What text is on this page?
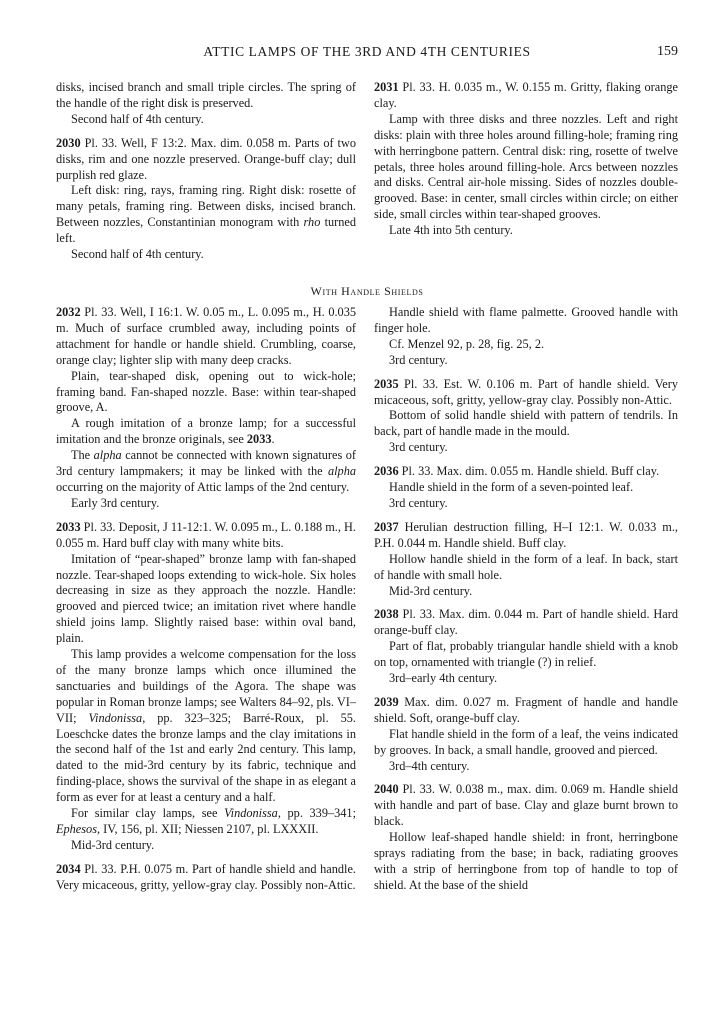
ATTIC LAMPS OF THE 3RD AND 4TH CENTURIES	159

disks, incised branch and small triple circles. The spring of the handle of the right disk is preserved.

Second half of 4th century.

2030 Pl. 33. Well, F 13:2. Max. dim. 0.058 m. Parts of two disks, rim and one nozzle preserved. Orange-buff clay; dull purplish red glaze.

Left disk: ring, rays, framing ring. Right disk: rosette of many petals, framing ring. Between disks, incised branch. Between nozzles, Constantinian monogram with rho turned left.

Second half of 4th century.

2031 Pl. 33. H. 0.035 m., W. 0.155 m. Gritty, flaking orange clay.

Lamp with three disks and three nozzles. Left and right disks: plain with three holes around filling-hole; framing ring with herringbone pattern. Central disk: ring, rosette of twelve petals, three holes around filling-hole. Arcs between nozzles and disks. Central air-hole missing. Sides of nozzles double-grooved. Base: in center, small circles within circle; on either side, small circles within tear-shaped grooves.

Late 4th into 5th century.

With Handle Shields

2032 Pl. 33. Well, I 16:1. W. 0.05 m., L. 0.095 m., H. 0.035 m. Much of surface crumbled away, including points of attachment for handle or handle shield. Crumbling, coarse, orange clay; lighter slip with many deep cracks.

Plain, tear-shaped disk, opening out to wick-hole; framing band. Fan-shaped nozzle. Base: within tear-shaped groove, A.

A rough imitation of a bronze lamp; for a successful imitation and the bronze originals, see 2033.

The alpha cannot be connected with known signatures of 3rd century lampmakers; it may be linked with the alpha occurring on the majority of Attic lamps of the 2nd century.

Early 3rd century.

2033 Pl. 33. Deposit, J 11-12:1. W. 0.095 m., L. 0.188 m., H. 0.055 m. Hard buff clay with many white bits.

Imitation of “pear-shaped” bronze lamp with fan-shaped nozzle. Tear-shaped loops extending to wick-hole. Six holes decreasing in size as they approach the nozzle. Handle: grooved and pierced twice; an imitation rivet where handle shield joins lamp. Slightly raised base: within oval band, plain.

This lamp provides a welcome compensation for the loss of the many bronze lamps which once illumined the sanctuaries and buildings of the Agora. The shape was popular in Roman bronze lamps; see Walters 84–92, pls. VI–VII; Vindonissa, pp. 323–325; Barré-Roux, pl. 55. Loeschcke dates the bronze lamps and the clay imitations in the second half of the 1st and early 2nd century. This lamp, dated to the mid-3rd century by its fabric, technique and finding-place, shows the survival of the shape in as elegant a form as ever for at least a century and a half.

For similar clay lamps, see Vindonissa, pp. 339–341; Ephesos, IV, 156, pl. XII; Niessen 2107, pl. LXXXII.

Mid-3rd century.

2034 Pl. 33. P.H. 0.075 m. Part of handle shield and handle. Very micaceous, gritty, yellow-gray clay. Possibly non-Attic.

Handle shield with flame palmette. Grooved handle with finger hole.

Cf. Menzel 92, p. 28, fig. 25, 2.

3rd century.

2035 Pl. 33. Est. W. 0.106 m. Part of handle shield. Very micaceous, soft, gritty, yellow-gray clay. Possibly non-Attic.

Bottom of solid handle shield with pattern of tendrils. In back, part of handle made in the mould.

3rd century.

2036 Pl. 33. Max. dim. 0.055 m. Handle shield. Buff clay.

Handle shield in the form of a seven-pointed leaf.

3rd century.

2037 Herulian destruction filling, H–I 12:1. W. 0.033 m., P.H. 0.044 m. Handle shield. Buff clay.

Hollow handle shield in the form of a leaf. In back, start of handle with small hole.

Mid-3rd century.

2038 Pl. 33. Max. dim. 0.044 m. Part of handle shield. Hard orange-buff clay.

Part of flat, probably triangular handle shield with a knob on top, ornamented with triangle (?) in relief.

3rd–early 4th century.

2039 Max. dim. 0.027 m. Fragment of handle and handle shield. Soft, orange-buff clay.

Flat handle shield in the form of a leaf, the veins indicated by grooves. In back, a small handle, grooved and pierced.

3rd–4th century.

2040 Pl. 33. W. 0.038 m., max. dim. 0.069 m. Handle shield with handle and part of base. Clay and glaze burnt brown to black.

Hollow leaf-shaped handle shield: in front, herringbone sprays radiating from the base; in back, radiating grooves with a strip of herringbone from top of handle to top of shield. At the base of the shield
